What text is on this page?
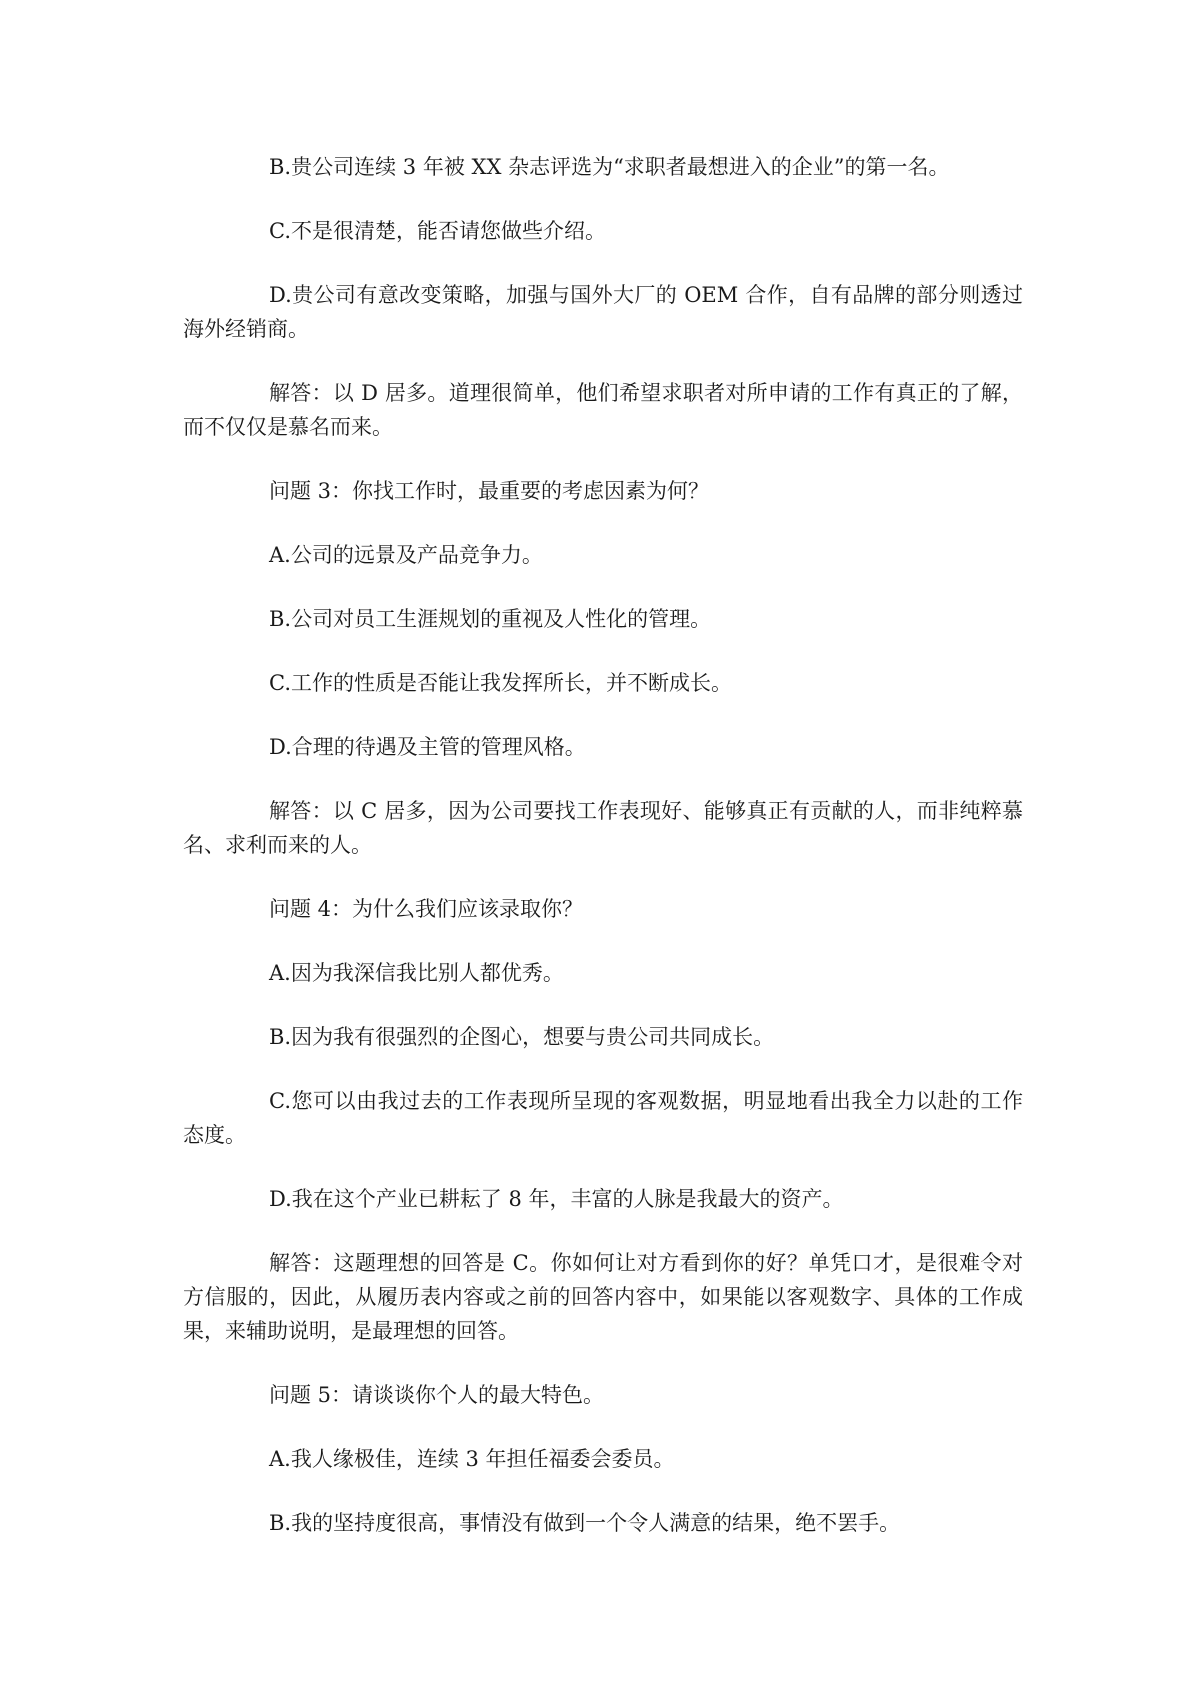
B.贵公司连续 3 年被 XX 杂志评选为“求职者最想进入的企业”的第一名。

C.不是很清楚，能否请您做些介绍。

D.贵公司有意改变策略，加强与国外大厂的 OEM 合作，自有品牌的部分则透过海外经销商。

解答：以 D 居多。道理很简单，他们希望求职者对所申请的工作有真正的了解，而不仅仅是慕名而来。

问题 3：你找工作时，最重要的考虑因素为何？

A.公司的远景及产品竞争力。

B.公司对员工生涯规划的重视及人性化的管理。

C.工作的性质是否能让我发挥所长，并不断成长。

D.合理的待遇及主管的管理风格。

解答：以 C 居多，因为公司要找工作表现好、能够真正有贡献的人，而非纯粹慕名、求利而来的人。

问题 4：为什么我们应该录取你？

A.因为我深信我比别人都优秀。

B.因为我有很强烈的企图心，想要与贵公司共同成长。

C.您可以由我过去的工作表现所呈现的客观数据，明显地看出我全力以赴的工作态度。

D.我在这个产业已耕耘了 8 年，丰富的人脉是我最大的资产。

解答：这题理想的回答是 C。你如何让对方看到你的好？单凭口才，是很难令对方信服的，因此，从履历表内容或之前的回答内容中，如果能以客观数字、具体的工作成果，来辅助说明，是最理想的回答。

问题 5：请谈谈你个人的最大特色。

A.我人缘极佳，连续 3 年担任福委会委员。

B.我的坚持度很高，事情没有做到一个令人满意的结果，绝不罢手。
